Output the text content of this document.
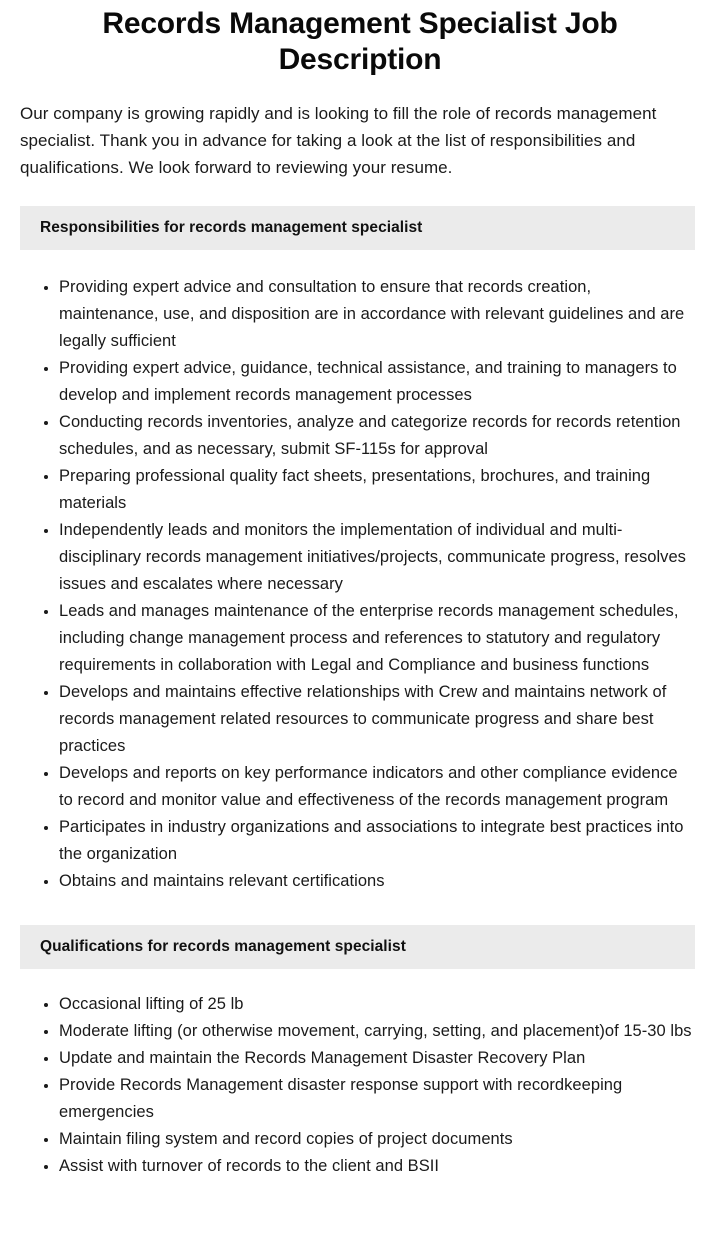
Records Management Specialist Job Description

Our company is growing rapidly and is looking to fill the role of records management specialist. Thank you in advance for taking a look at the list of responsibilities and qualifications. We look forward to reviewing your resume.

Responsibilities for records management specialist
Providing expert advice and consultation to ensure that records creation, maintenance, use, and disposition are in accordance with relevant guidelines and are legally sufficient
Providing expert advice, guidance, technical assistance, and training to managers to develop and implement records management processes
Conducting records inventories, analyze and categorize records for records retention schedules, and as necessary, submit SF-115s for approval
Preparing professional quality fact sheets, presentations, brochures, and training materials
Independently leads and monitors the implementation of individual and multi-disciplinary records management initiatives/projects, communicate progress, resolves issues and escalates where necessary
Leads and manages maintenance of the enterprise records management schedules, including change management process and references to statutory and regulatory requirements in collaboration with Legal and Compliance and business functions
Develops and maintains effective relationships with Crew and maintains network of records management related resources to communicate progress and share best practices
Develops and reports on key performance indicators and other compliance evidence to record and monitor value and effectiveness of the records management program
Participates in industry organizations and associations to integrate best practices into the organization
Obtains and maintains relevant certifications
Qualifications for records management specialist
Occasional lifting of 25 lb
Moderate lifting (or otherwise movement, carrying, setting, and placement)of 15-30 lbs
Update and maintain the Records Management Disaster Recovery Plan
Provide Records Management disaster response support with recordkeeping emergencies
Maintain filing system and record copies of project documents
Assist with turnover of records to the client and BSII
